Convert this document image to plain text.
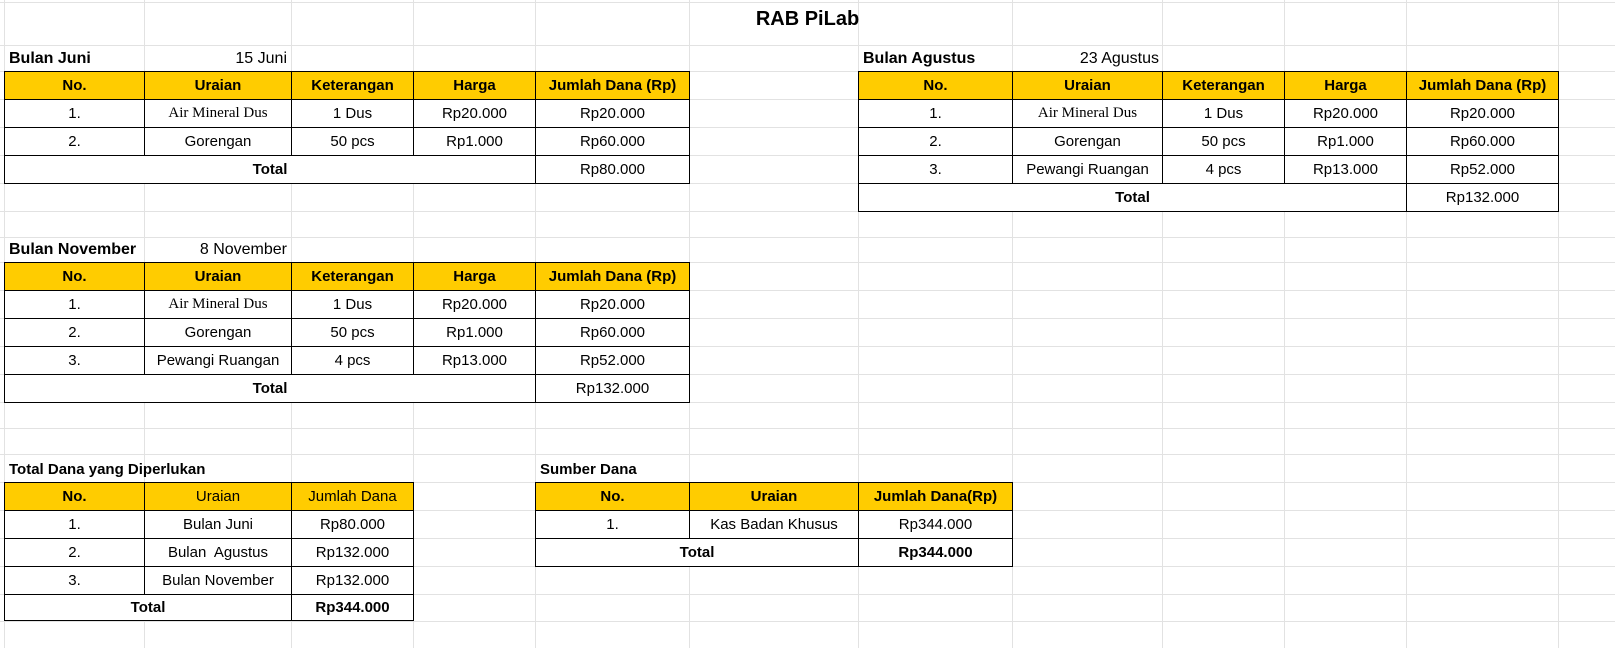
RAB PiLab
Bulan Juni	15 Juni
No.	Uraian	Keterangan	Harga	Jumlah Dana (Rp)
1.	Air Mineral Dus	1 Dus	Rp20.000	Rp20.000
2.	Gorengan	50 pcs	Rp1.000	Rp60.000
Total				Rp80.000
Bulan Agustus	23 Agustus
No.	Uraian	Keterangan	Harga	Jumlah Dana (Rp)
1.	Air Mineral Dus	1 Dus	Rp20.000	Rp20.000
2.	Gorengan	50 pcs	Rp1.000	Rp60.000
3.	Pewangi Ruangan	4 pcs	Rp13.000	Rp52.000
Total				Rp132.000
Bulan November	8 November
No.	Uraian	Keterangan	Harga	Jumlah Dana (Rp)
1.	Air Mineral Dus	1 Dus	Rp20.000	Rp20.000
2.	Gorengan	50 pcs	Rp1.000	Rp60.000
3.	Pewangi Ruangan	4 pcs	Rp13.000	Rp52.000
Total				Rp132.000
Total Dana yang Diperlukan
No.	Uraian	Jumlah Dana
1.	Bulan Juni	Rp80.000
2.	Bulan  Agustus	Rp132.000
3.	Bulan November	Rp132.000
Total		Rp344.000
Sumber Dana
No.	Uraian	Jumlah Dana(Rp)
1.	Kas Badan Khusus	Rp344.000
Total		Rp344.000
